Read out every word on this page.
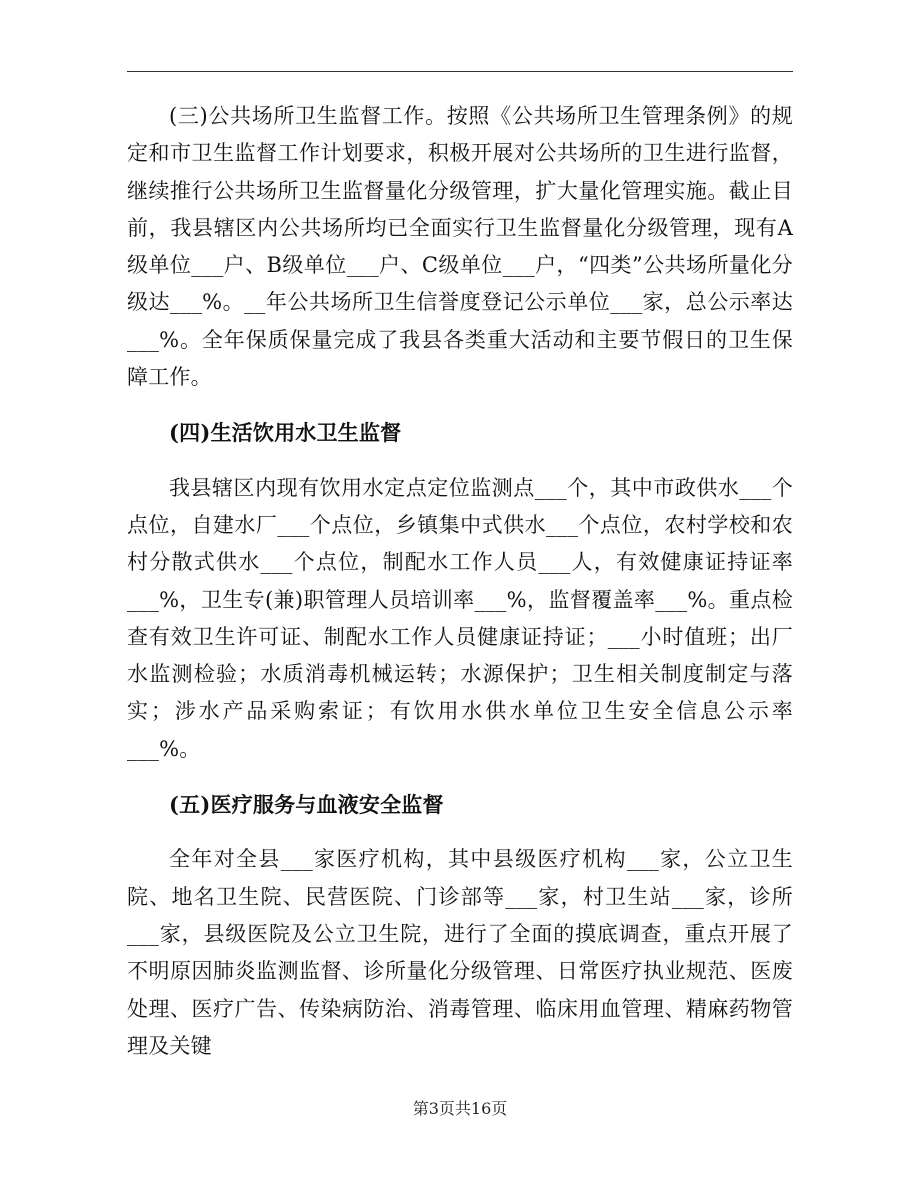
(三)公共场所卫生监督工作。按照《公共场所卫生管理条例》的规定和市卫生监督工作计划要求，积极开展对公共场所的卫生进行监督，继续推行公共场所卫生监督量化分级管理，扩大量化管理实施。截止目前，我县辖区内公共场所均已全面实行卫生监督量化分级管理，现有A级单位___户、B级单位___户、C级单位___户，“四类”公共场所量化分级达___%。__年公共场所卫生信誉度登记公示单位___家，总公示率达___%。全年保质保量完成了我县各类重大活动和主要节假日的卫生保障工作。

(四)生活饮用水卫生监督

我县辖区内现有饮用水定点定位监测点___个，其中市政供水___个点位，自建水厂___个点位，乡镇集中式供水___个点位，农村学校和农村分散式供水___个点位，制配水工作人员___人，有效健康证持证率___%，卫生专(兼)职管理人员培训率___%，监督覆盖率___%。重点检查有效卫生许可证、制配水工作人员健康证持证；___小时值班；出厂水监测检验；水质消毒机械运转；水源保护；卫生相关制度制定与落实；涉水产品采购索证；有饮用水供水单位卫生安全信息公示率___%。

(五)医疗服务与血液安全监督

全年对全县___家医疗机构，其中县级医疗机构___家，公立卫生院、地名卫生院、民营医院、门诊部等___家，村卫生站___家，诊所___家，县级医院及公立卫生院，进行了全面的摸底调查，重点开展了不明原因肺炎监测监督、诊所量化分级管理、日常医疗执业规范、医废处理、医疗广告、传染病防治、消毒管理、临床用血管理、精麻药物管理及关键

第3页共16页
